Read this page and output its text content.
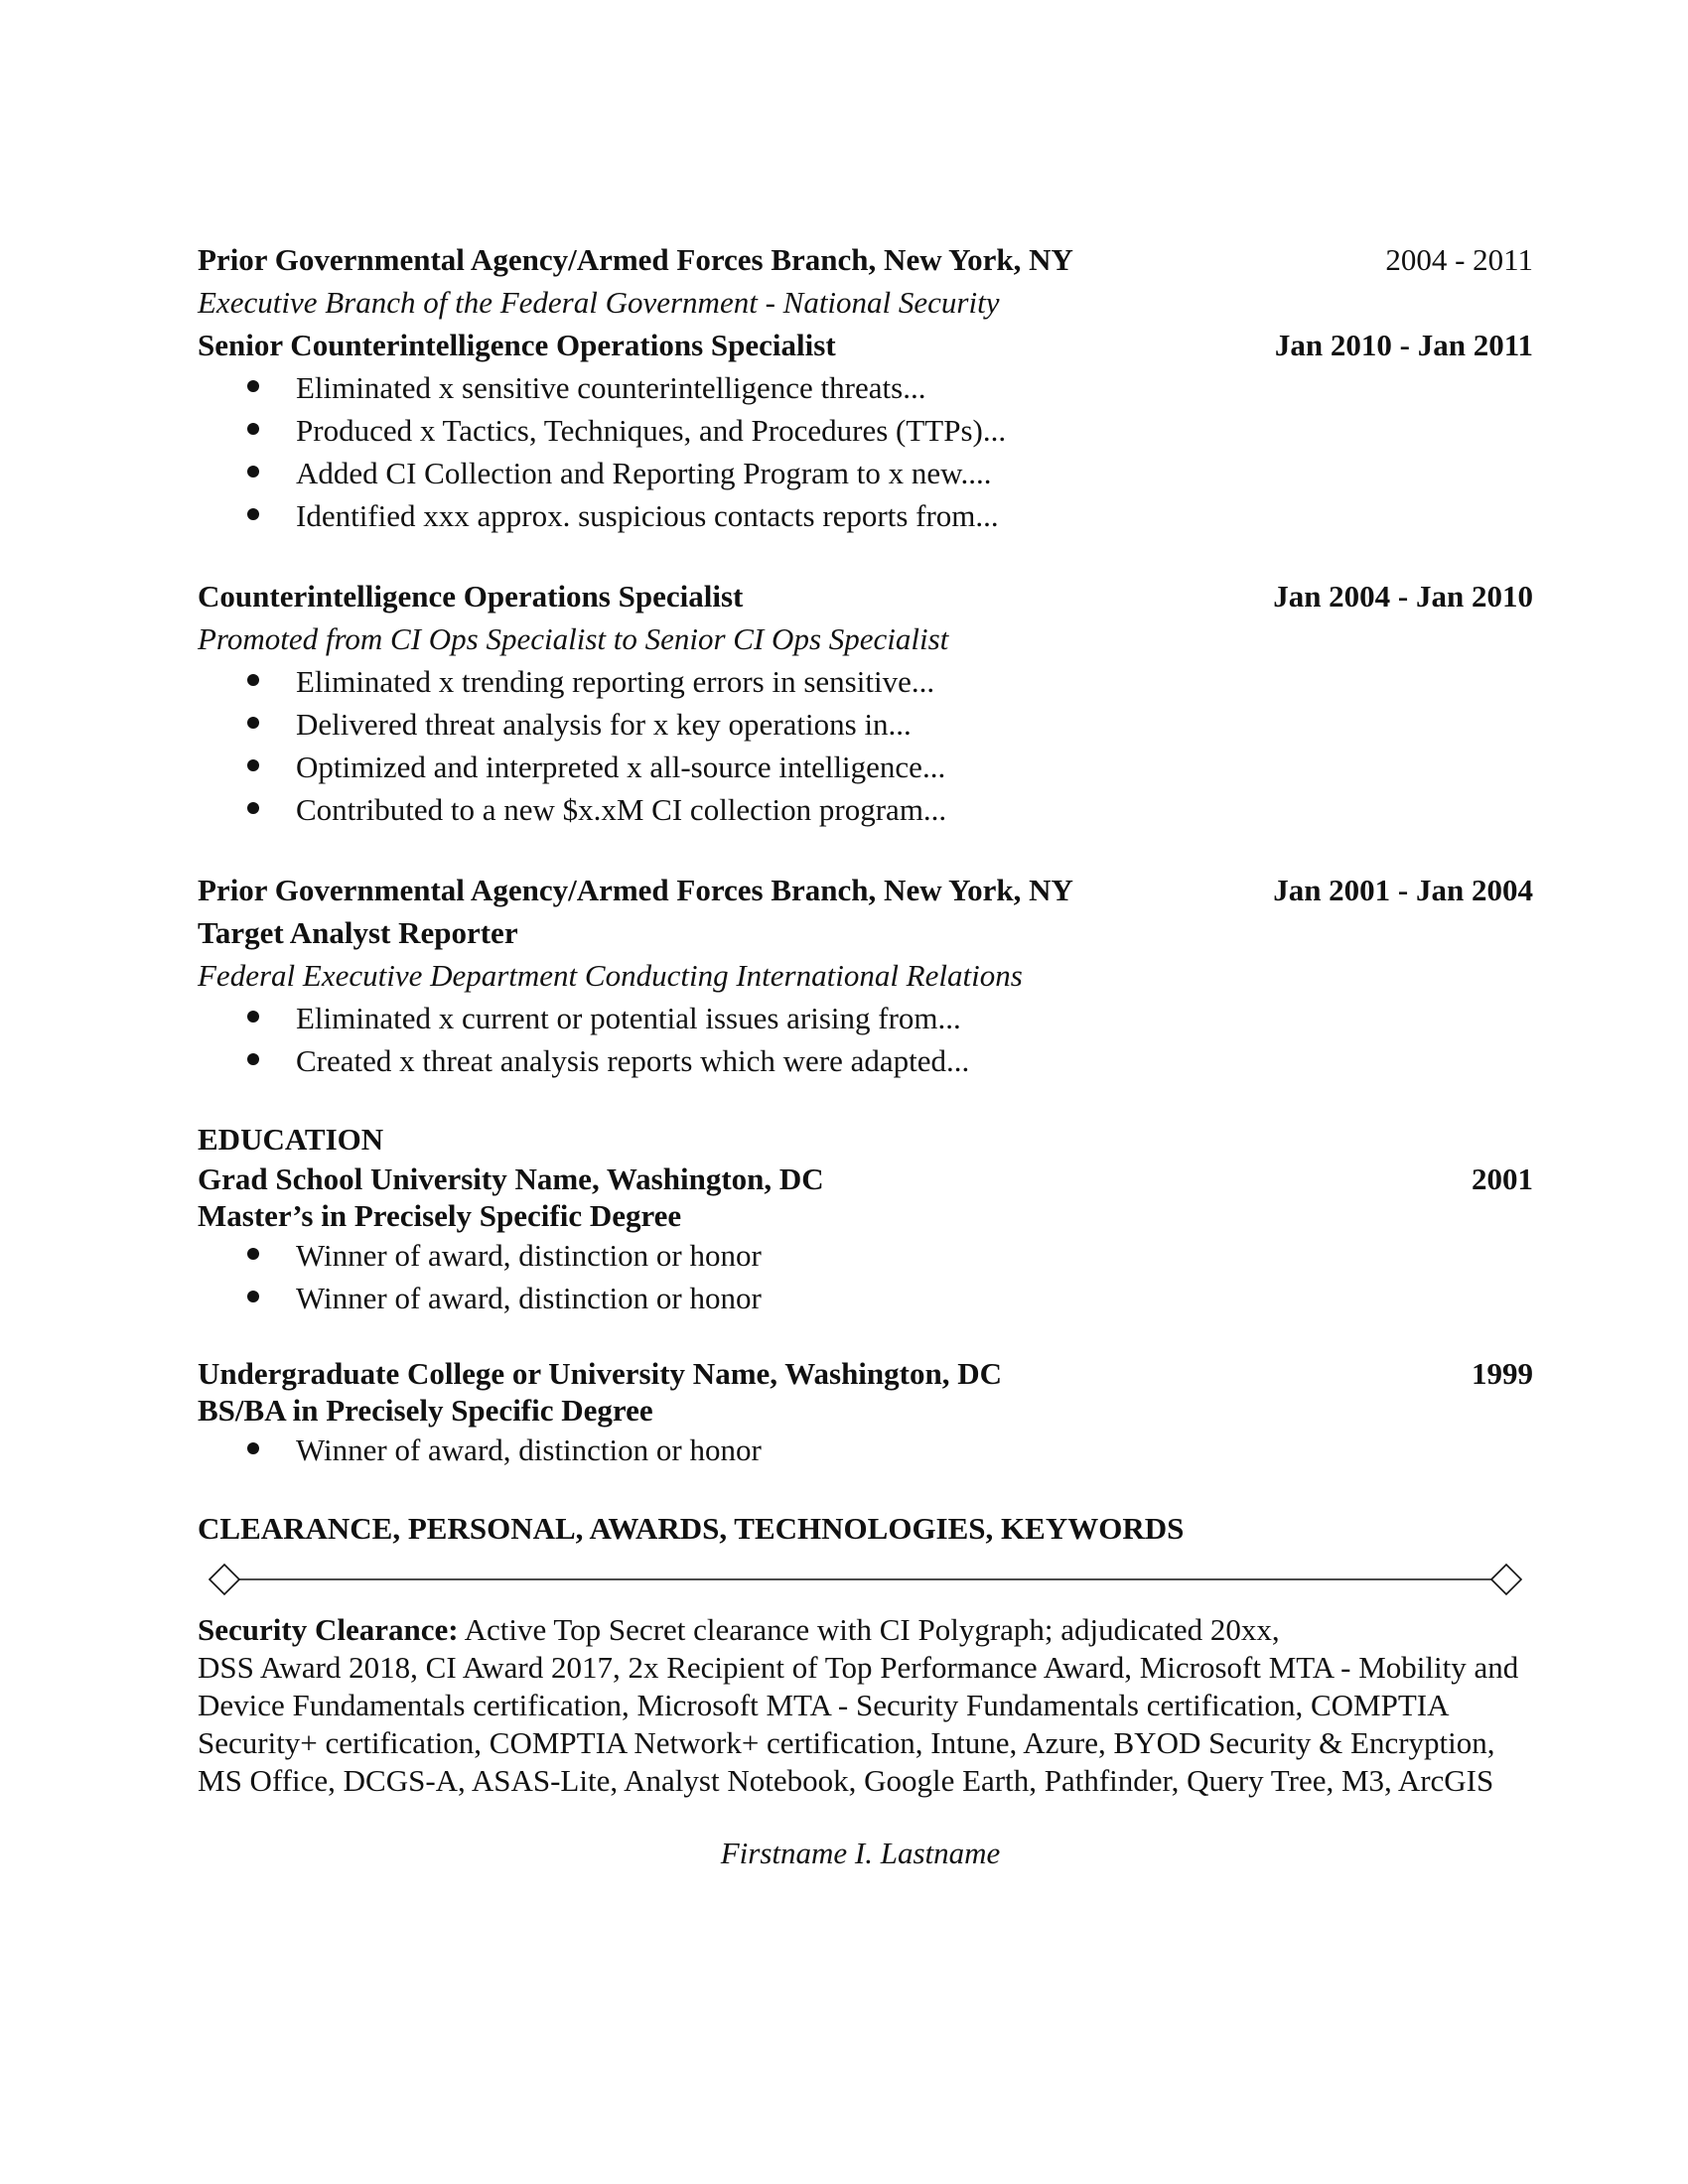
Prior Governmental Agency/Armed Forces Branch, New York, NY	2004 - 2011
Executive Branch of the Federal Government - National Security
Senior Counterintelligence Operations Specialist	Jan 2010 - Jan 2011
Eliminated x sensitive counterintelligence threats...
Produced x Tactics, Techniques, and Procedures (TTPs)...
Added CI Collection and Reporting Program to x new....
Identified xxx approx. suspicious contacts reports from...
Counterintelligence Operations Specialist	Jan 2004 - Jan 2010
Promoted from CI Ops Specialist to Senior CI Ops Specialist
Eliminated x trending reporting errors in sensitive...
Delivered threat analysis for x key operations in...
Optimized and interpreted x all-source intelligence...
Contributed to a new $x.xM CI collection program...
Prior Governmental Agency/Armed Forces Branch, New York, NY	Jan 2001 - Jan 2004
Target Analyst Reporter
Federal Executive Department Conducting International Relations
Eliminated x current or potential issues arising from...
Created x threat analysis reports which were adapted...
EDUCATION
Grad School University Name, Washington, DC	2001
Master’s in Precisely Specific Degree
Winner of award, distinction or honor
Winner of award, distinction or honor
Undergraduate College or University Name, Washington, DC	1999
BS/BA in Precisely Specific Degree
Winner of award, distinction or honor
CLEARANCE, PERSONAL, AWARDS, TECHNOLOGIES, KEYWORDS
Security Clearance: Active Top Secret clearance with CI Polygraph; adjudicated 20xx,
DSS Award 2018, CI Award 2017, 2x Recipient of Top Performance Award, Microsoft MTA - Mobility and Device Fundamentals certification, Microsoft MTA - Security Fundamentals certification, COMPTIA Security+ certification, COMPTIA Network+ certification, Intune, Azure, BYOD Security & Encryption, MS Office, DCGS-A, ASAS-Lite, Analyst Notebook, Google Earth, Pathfinder, Query Tree, M3, ArcGIS
Firstname I. Lastname
